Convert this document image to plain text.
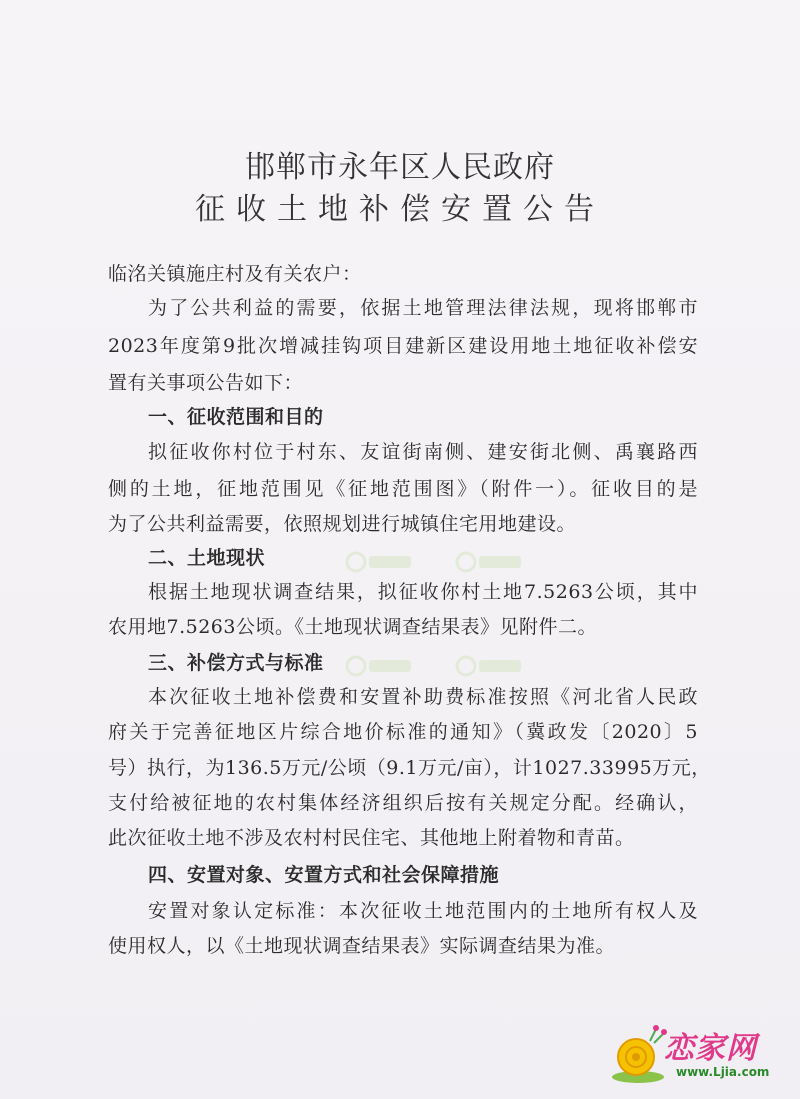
邯郸市永年区人民政府
征收土地补偿安置公告
临洺关镇施庄村及有关农户：
为了公共利益的需要，依据土地管理法律法规，现将邯郸市
2023年度第9批次增减挂钩项目建新区建设用地土地征收补偿安
置有关事项公告如下：
一、征收范围和目的
拟征收你村位于村东、友谊街南侧、建安街北侧、禹襄路西
侧的土地，征地范围见《征地范围图》（附件一）。征收目的是
为了公共利益需要，依照规划进行城镇住宅用地建设。
二、土地现状
根据土地现状调查结果，拟征收你村土地7.5263公顷，其中
农用地7.5263公顷。《土地现状调查结果表》见附件二。
三、补偿方式与标准
本次征收土地补偿费和安置补助费标准按照《河北省人民政
府关于完善征地区片综合地价标准的通知》（冀政发〔2020〕5
号）执行，为136.5万元/公顷（9.1万元/亩），计1027.33995万元，
支付给被征地的农村集体经济组织后按有关规定分配。经确认，
此次征收土地不涉及农村村民住宅、其他地上附着物和青苗。
四、安置对象、安置方式和社会保障措施
安置对象认定标准：本次征收土地范围内的土地所有权人及
使用权人，以《土地现状调查结果表》实际调查结果为准。
恋家网
www.Ljia.com
